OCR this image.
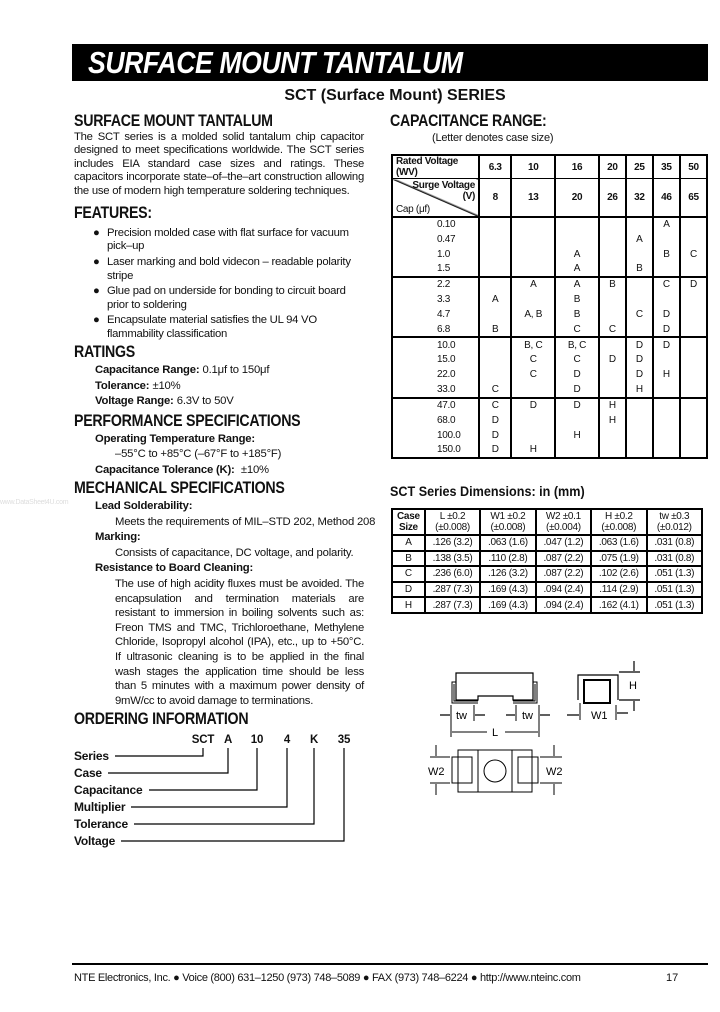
www.DataSheet4U.com
SURFACE MOUNT TANTALUM
SCT (Surface Mount) SERIES
SURFACE MOUNT TANTALUM
The SCT series is a molded solid tantalum chip capacitor designed to meet specifications worldwide. The SCT series includes EIA standard case sizes and ratings. These capacitors incorporate state–of–the–art construction allowing the use of modern high temperature soldering techniques.
FEATURES:
● Precision molded case with flat surface for vacuum pick–up
● Laser marking and bold videcon – readable polarity stripe
● Glue pad on underside for bonding to circuit board prior to soldering
● Encapsulate material satisfies the UL 94 VO flammability classification
RATINGS
Capacitance Range: 0.1μf to 150μf
Tolerance: ±10%
Voltage Range: 6.3V to 50V
PERFORMANCE SPECIFICATIONS
Operating Temperature Range:
–55°C to +85°C (–67°F to +185°F)
Capacitance Tolerance (K): ±10%
MECHANICAL SPECIFICATIONS
Lead Solderability:
Meets the requirements of MIL–STD 202, Method 208
Marking:
Consists of capacitance, DC voltage, and polarity.
Resistance to Board Cleaning:
The use of high acidity fluxes must be avoided. The encapsulation and termination materials are resistant to immersion in boiling solvents such as: Freon TMS and TMC, Trichloroethane, Methylene Chloride, Isopropyl alcohol (IPA), etc., up to +50°C. If ultrasonic cleaning is to be applied in the final wash stages the application time should be less than 5 minutes with a maximum power density of 9mW/cc to avoid damage to terminations.
ORDERING INFORMATION
SCT A 10 4 K 35
Series
Case
Capacitance
Multiplier
Tolerance
Voltage
CAPACITANCE RANGE:
(Letter denotes case size)
Rated Voltage (WV)	6.3	10	16	20	25	35	50

Surge Voltage (V)
Cap (μf)	8	13	20	26	32	46	65
0.10						A	
0.47					A		
1.0			A			B	C
1.5			A		B		
2.2		A	A	B		C	D
3.3	A		B				
4.7		A, B	B		C	D	
6.8	B		C	C		D	
10.0		B, C	B, C		D	D	
15.0		C	C	D	D		
22.0		C	D		D	H	
33.0	C		D		H		
47.0	C	D	D	H			
68.0	D			H			
100.0	D		H				
150.0	D	H					
SCT Series Dimensions: in (mm)
Case
Size	L ±0.2
(±0.008)	W1 ±0.2
(±0.008)	W2 ±0.1
(±0.004)	H ±0.2
(±0.008)	tw ±0.3
(±0.012)
A	.126 (3.2)	.063 (1.6)	.047 (1.2)	.063 (1.6)	.031 (0.8)
B	.138 (3.5)	.110 (2.8)	.087 (2.2)	.075 (1.9)	.031 (0.8)
C	.236 (6.0)	.126 (3.2)	.087 (2.2)	.102 (2.6)	.051 (1.3)
D	.287 (7.3)	.169 (4.3)	.094 (2.4)	.114 (2.9)	.051 (1.3)
H	.287 (7.3)	.169 (4.3)	.094 (2.4)	.162 (4.1)	.051 (1.3)
tw	tw
L
W1
H
W2	W2
NTE Electronics, Inc. ● Voice (800) 631–1250 (973) 748–5089 ● FAX (973) 748–6224 ● http://www.nteinc.com	17
